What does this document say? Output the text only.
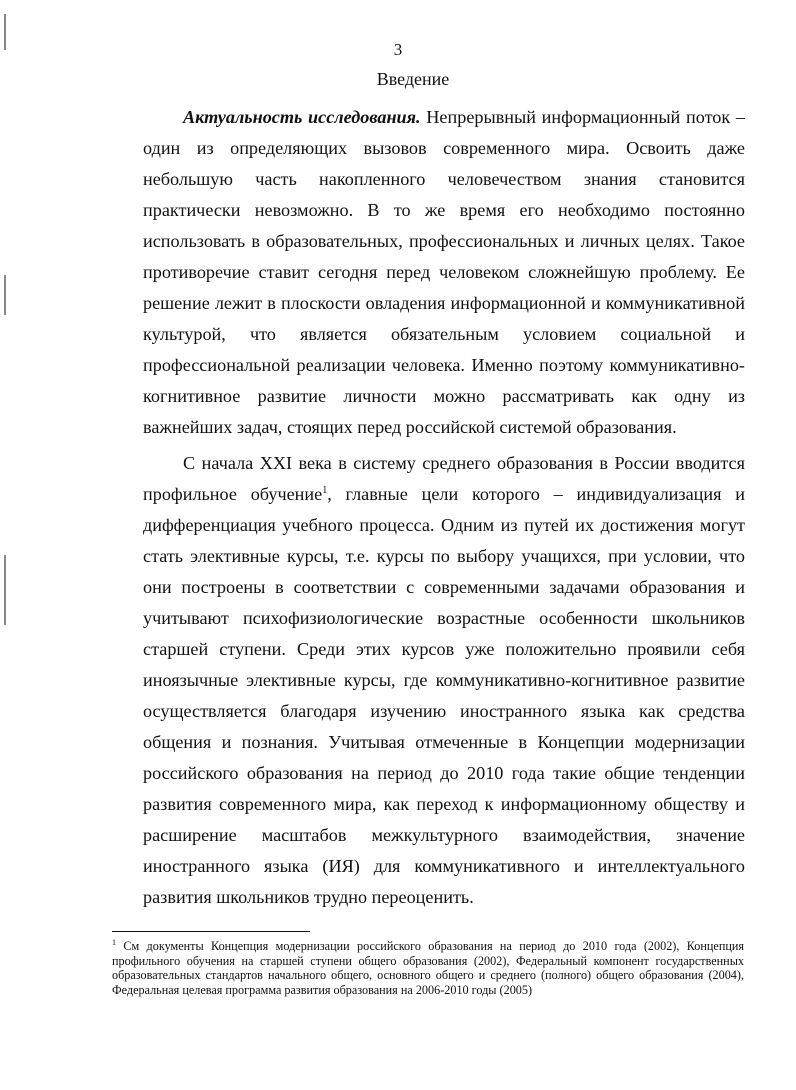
3
Введение

Актуальность исследования. Непрерывный информационный поток – один из определяющих вызовов современного мира. Освоить даже небольшую часть накопленного человечеством знания становится практически невозможно. В то же время его необходимо постоянно использовать в образовательных, профессиональных и личных целях. Такое противоречие ставит сегодня перед человеком сложнейшую проблему. Ее решение лежит в плоскости овладения информационной и коммуникативной культурой, что является обязательным условием социальной и профессиональной реализации человека. Именно поэтому коммуникативно-когнитивное развитие личности можно рассматривать как одну из важнейших задач, стоящих перед российской системой образования.

С начала XXI века в систему среднего образования в России вводится профильное обучение$^1$, главные цели которого – индивидуализация и дифференциация учебного процесса. Одним из путей их достижения могут стать элективные курсы, т.е. курсы по выбору учащихся, при условии, что они построены в соответствии с современными задачами образования и учитывают психофизиологические возрастные особенности школьников старшей ступени. Среди этих курсов уже положительно проявили себя иноязычные элективные курсы, где коммуникативно-когнитивное развитие осуществляется благодаря изучению иностранного языка как средства общения и познания. Учитывая отмеченные в Концепции модернизации российского образования на период до 2010 года такие общие тенденции развития современного мира, как переход к информационному обществу и расширение масштабов межкультурного взаимодействия, значение иностранного языка (ИЯ) для коммуникативного и интеллектуального развития школьников трудно переоценить.

$^1$ См документы Концепция модернизации российского образования на период до 2010 года (2002), Концепция профильного обучения на старшей ступени общего образования (2002), Федеральный компонент государственных образовательных стандартов начального общего, основного общего и среднего (полного) общего образования (2004), Федеральная целевая программа развития образования на 2006-2010 годы (2005)
